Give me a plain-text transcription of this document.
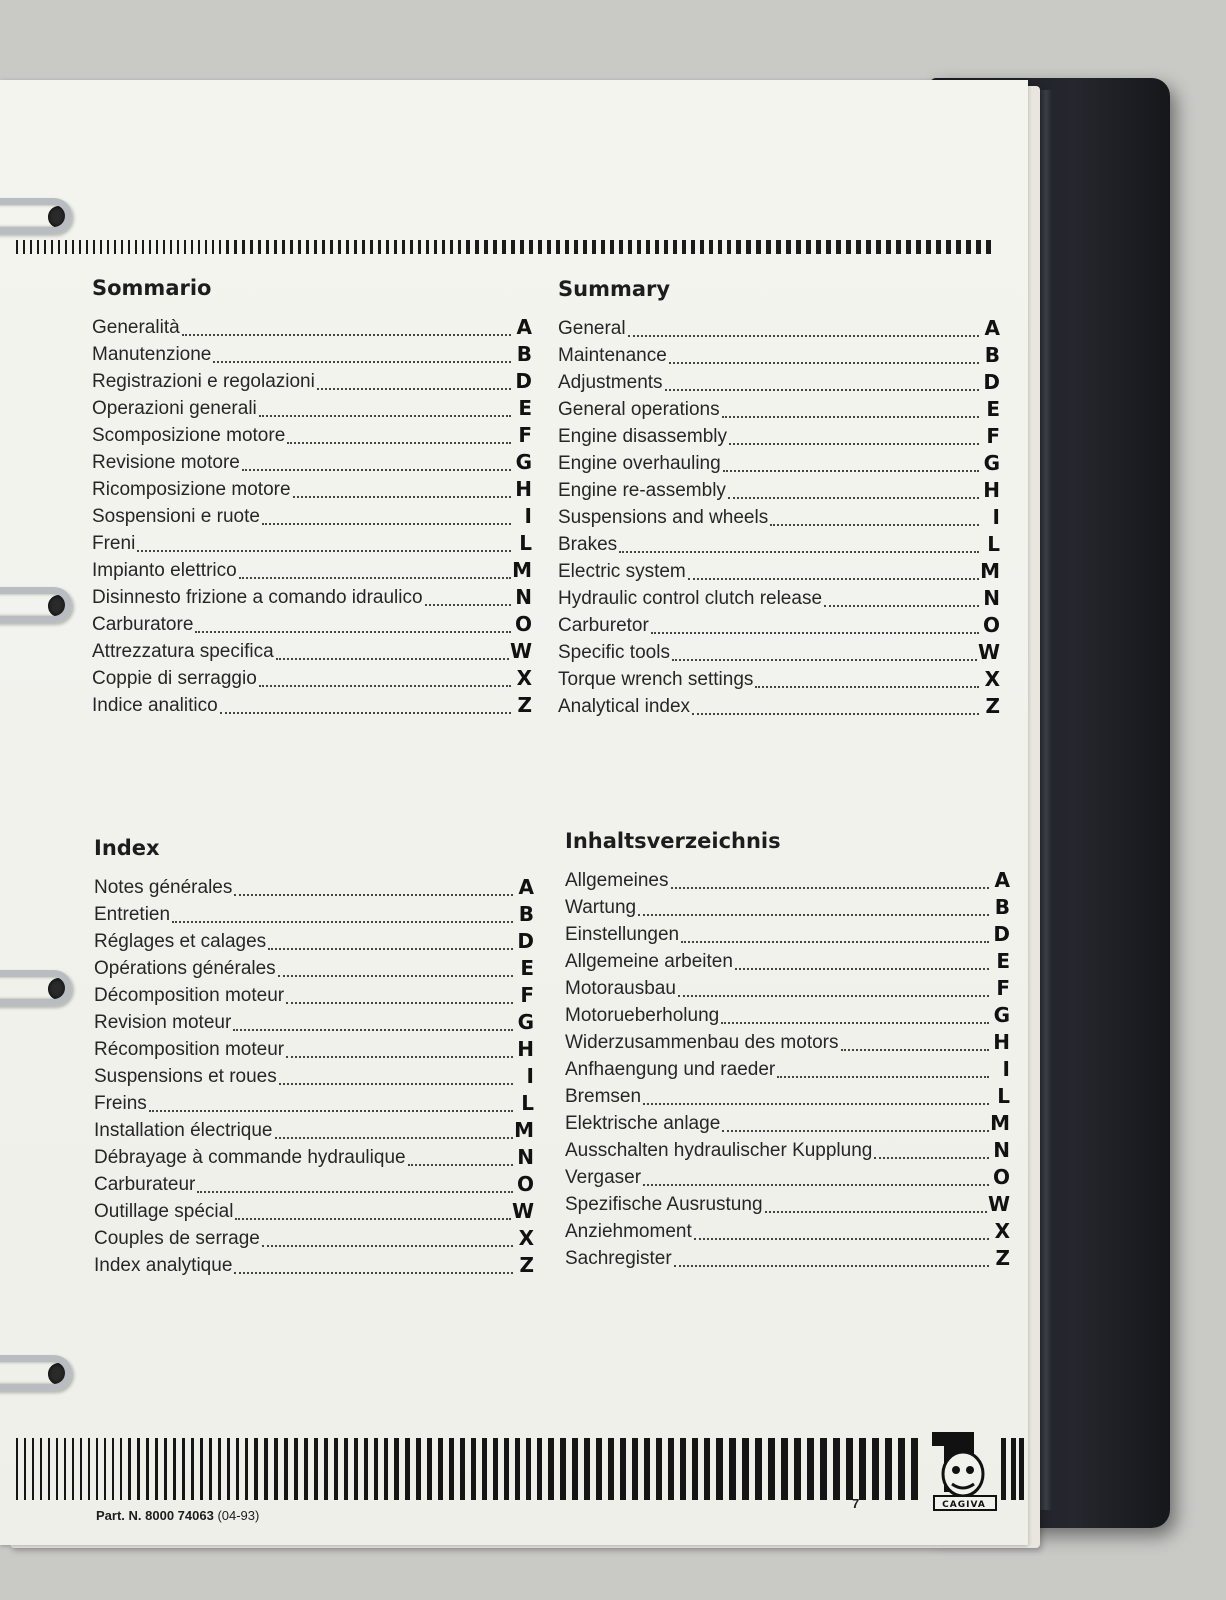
Sommario
Generalità	A
Manutenzione	B
Registrazioni e regolazioni	D
Operazioni generali	E
Scomposizione motore	F
Revisione motore	G
Ricomposizione motore	H
Sospensioni e ruote	I
Freni	L
Impianto elettrico	M
Disinnesto frizione a comando idraulico	N
Carburatore	O
Attrezzatura specifica	W
Coppie di serraggio	X
Indice analitico	Z
Summary
General	A
Maintenance	B
Adjustments	D
General operations	E
Engine disassembly	F
Engine overhauling	G
Engine re-assembly	H
Suspensions and wheels	I
Brakes	L
Electric system	M
Hydraulic control clutch release	N
Carburetor	O
Specific tools	W
Torque wrench settings	X
Analytical index	Z
Index
Notes générales	A
Entretien	B
Réglages et calages	D
Opérations générales	E
Décomposition moteur	F
Revision moteur	G
Récomposition moteur	H
Suspensions et roues	I
Freins	L
Installation électrique	M
Débrayage à commande hydraulique	N
Carburateur	O
Outillage spécial	W
Couples de serrage	X
Index analytique	Z
Inhaltsverzeichnis
Allgemeines	A
Wartung	B
Einstellungen	D
Allgemeine arbeiten	E
Motorausbau	F
Motorueberholung	G
Widerzusammenbau des motors	H
Anfhaengung und raeder	I
Bremsen	L
Elektrische anlage	M
Ausschalten hydraulischer Kupplung	N
Vergaser	O
Spezifische Ausrustung	W
Anziehmoment	X
Sachregister	Z
CAGIVA
Part. N. 8000 74063 (04-93)
7
